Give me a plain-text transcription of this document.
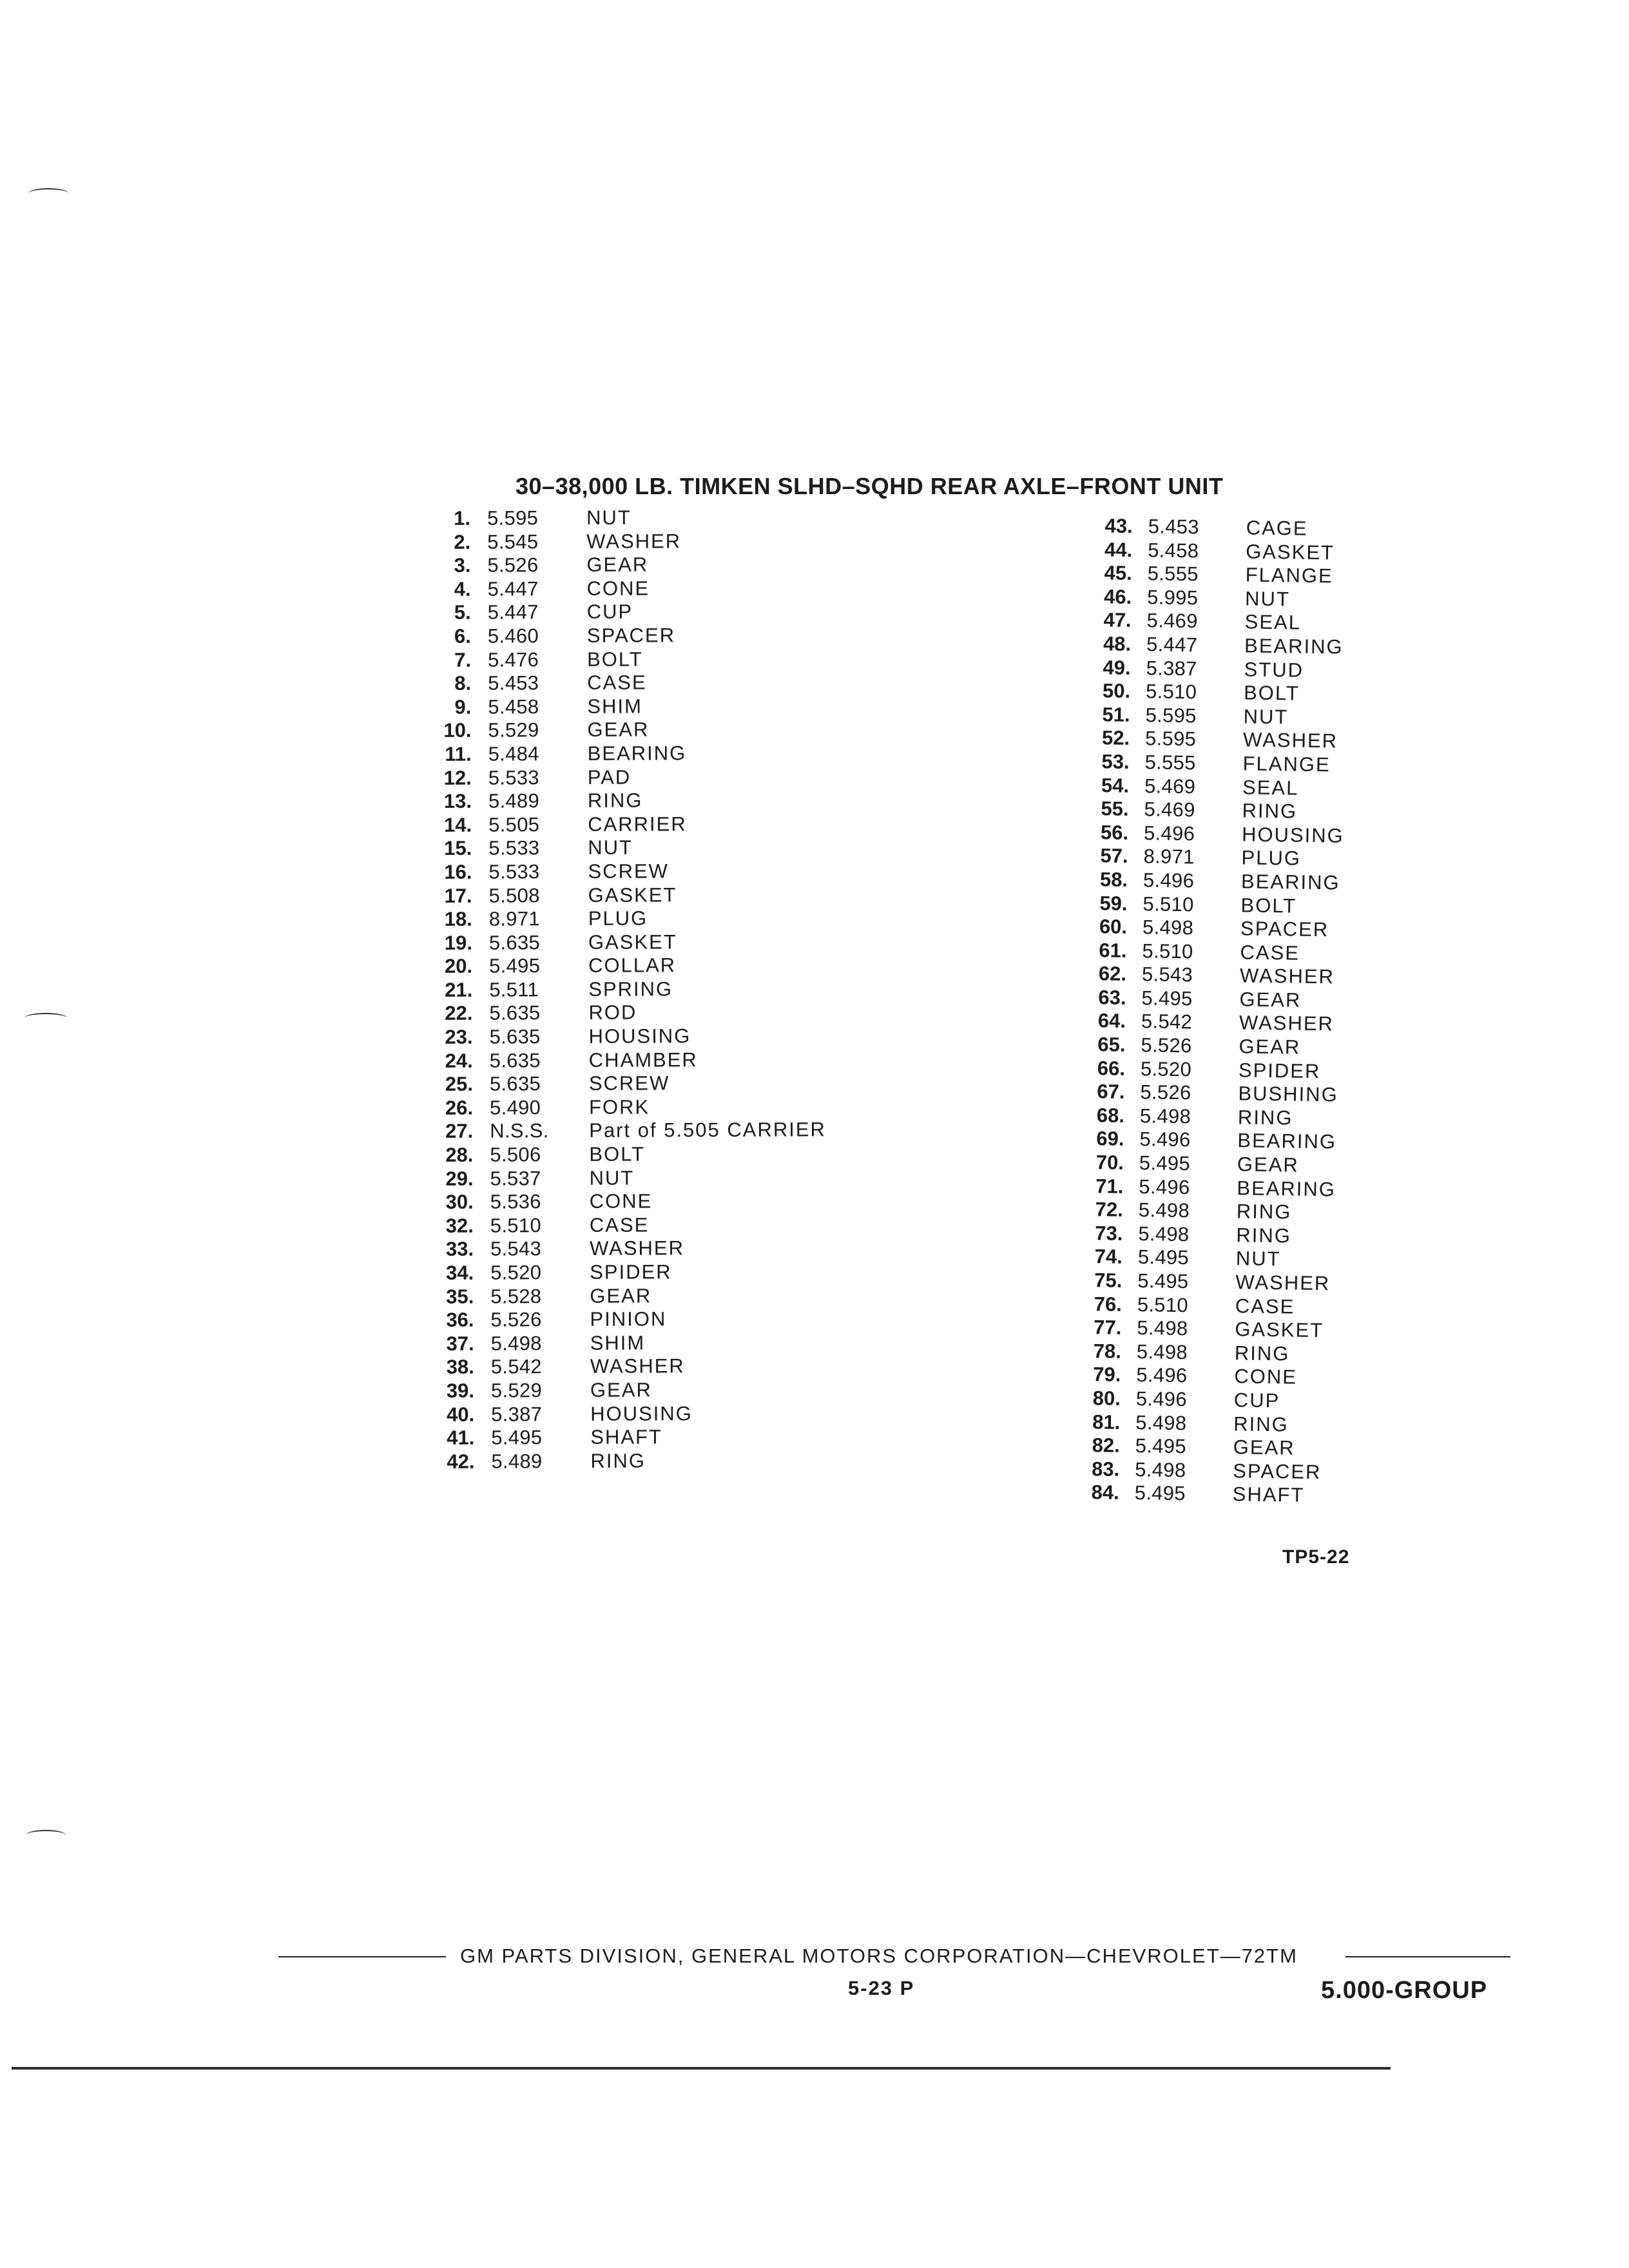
30–38,000 LB. TIMKEN SLHD–SQHD REAR AXLE–FRONT UNIT
1. 5.595 NUT
2. 5.545 WASHER
3. 5.526 GEAR
4. 5.447 CONE
5. 5.447 CUP
6. 5.460 SPACER
7. 5.476 BOLT
8. 5.453 CASE
9. 5.458 SHIM
10. 5.529 GEAR
11. 5.484 BEARING
12. 5.533 PAD
13. 5.489 RING
14. 5.505 CARRIER
15. 5.533 NUT
16. 5.533 SCREW
17. 5.508 GASKET
18. 8.971 PLUG
19. 5.635 GASKET
20. 5.495 COLLAR
21. 5.511 SPRING
22. 5.635 ROD
23. 5.635 HOUSING
24. 5.635 CHAMBER
25. 5.635 SCREW
26. 5.490 FORK
27. N.S.S. Part of 5.505 CARRIER
28. 5.506 BOLT
29. 5.537 NUT
30. 5.536 CONE
32. 5.510 CASE
33. 5.543 WASHER
34. 5.520 SPIDER
35. 5.528 GEAR
36. 5.526 PINION
37. 5.498 SHIM
38. 5.542 WASHER
39. 5.529 GEAR
40. 5.387 HOUSING
41. 5.495 SHAFT
42. 5.489 RING
43. 5.453 CAGE
44. 5.458 GASKET
45. 5.555 FLANGE
46. 5.995 NUT
47. 5.469 SEAL
48. 5.447 BEARING
49. 5.387 STUD
50. 5.510 BOLT
51. 5.595 NUT
52. 5.595 WASHER
53. 5.555 FLANGE
54. 5.469 SEAL
55. 5.469 RING
56. 5.496 HOUSING
57. 8.971 PLUG
58. 5.496 BEARING
59. 5.510 BOLT
60. 5.498 SPACER
61. 5.510 CASE
62. 5.543 WASHER
63. 5.495 GEAR
64. 5.542 WASHER
65. 5.526 GEAR
66. 5.520 SPIDER
67. 5.526 BUSHING
68. 5.498 RING
69. 5.496 BEARING
70. 5.495 GEAR
71. 5.496 BEARING
72. 5.498 RING
73. 5.498 RING
74. 5.495 NUT
75. 5.495 WASHER
76. 5.510 CASE
77. 5.498 GASKET
78. 5.498 RING
79. 5.496 CONE
80. 5.496 CUP
81. 5.498 RING
82. 5.495 GEAR
83. 5.498 SPACER
84. 5.495 SHAFT
TP5-22
GM PARTS DIVISION, GENERAL MOTORS CORPORATION—CHEVROLET—72TM
5-23 P	5.000-GROUP
